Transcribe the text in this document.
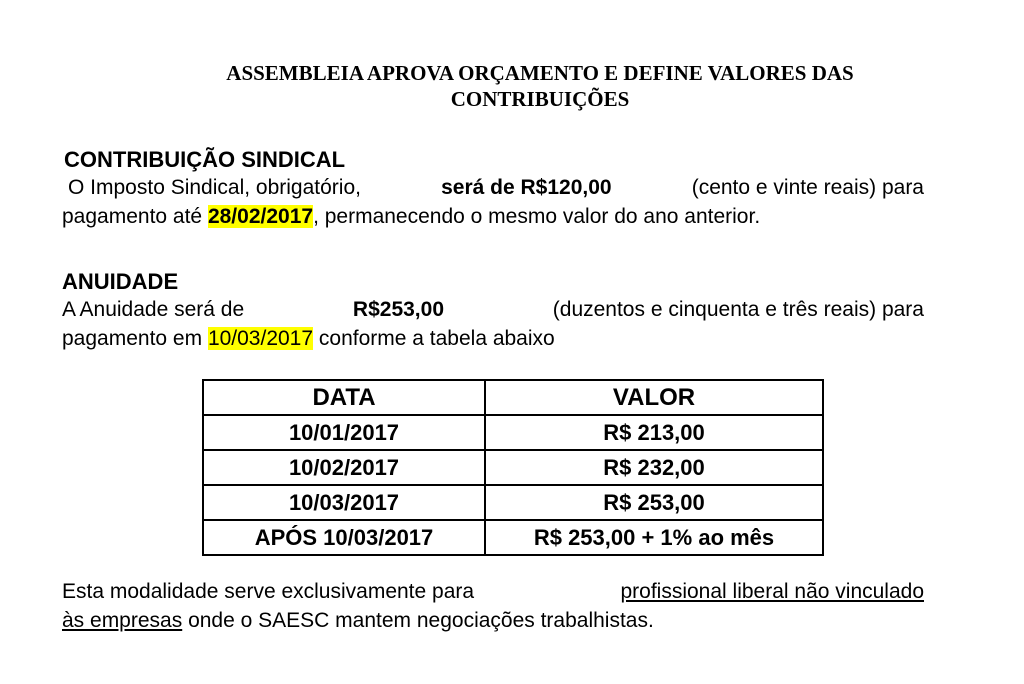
ASSEMBLEIA APROVA ORÇAMENTO E DEFINE VALORES DAS
CONTRIBUIÇÕES
CONTRIBUIÇÃO SINDICAL
O Imposto Sindical, obrigatório,	será de R$120,00	(cento e vinte reais) para
pagamento até 28/02/2017, permanecendo o mesmo valor do ano anterior.
ANUIDADE
A Anuidade será de	R$253,00	(duzentos e cinquenta e três reais) para
pagamento em 10/03/2017 conforme a tabela abaixo
DATA	VALOR
10/01/2017	R$ 213,00
10/02/2017	R$ 232,00
10/03/2017	R$ 253,00
APÓS 10/03/2017	R$ 253,00 + 1% ao mês
Esta modalidade serve exclusivamente para	profissional liberal não vinculado
às empresas onde o SAESC mantem negociações trabalhistas.
